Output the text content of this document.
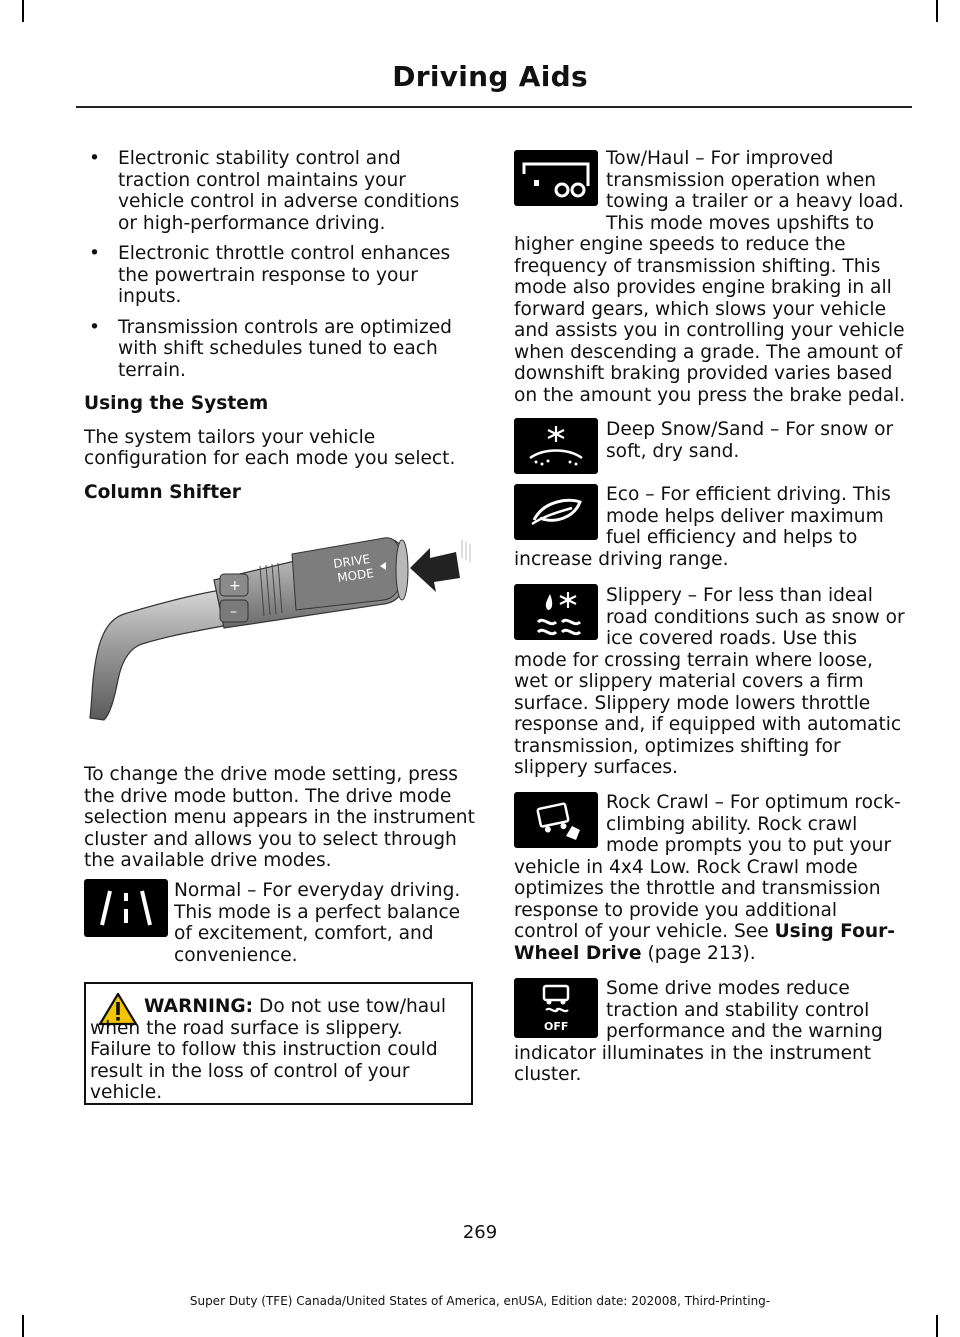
Driving Aids
• Electronic stability control and traction control maintains your vehicle control in adverse conditions or high-performance driving.
• Electronic throttle control enhances the powertrain response to your inputs.
• Transmission controls are optimized with shift schedules tuned to each terrain.

Using the System

The system tailors your vehicle configuration for each mode you select.

Column Shifter

+
–
DRIVE
MODE

To change the drive mode setting, press the drive mode button. The drive mode selection menu appears in the instrument cluster and allows you to select through the available drive modes.

Normal – For everyday driving. This mode is a perfect balance of excitement, comfort, and convenience.
WARNING: Do not use tow/haul when the road surface is slippery. Failure to follow this instruction could result in the loss of control of your vehicle.
Tow/Haul – For improved transmission operation when towing a trailer or a heavy load. This mode moves upshifts to higher engine speeds to reduce the frequency of transmission shifting. This mode also provides engine braking in all forward gears, which slows your vehicle and assists you in controlling your vehicle when descending a grade. The amount of downshift braking provided varies based on the amount you press the brake pedal.
Deep Snow/Sand – For snow or soft, dry sand.
Eco – For efficient driving. This mode helps deliver maximum fuel efficiency and helps to increase driving range.
Slippery – For less than ideal road conditions such as snow or ice covered roads. Use this mode for crossing terrain where loose, wet or slippery material covers a firm surface. Slippery mode lowers throttle response and, if equipped with automatic transmission, optimizes shifting for slippery surfaces.
Rock Crawl – For optimum rock-climbing ability. Rock crawl mode prompts you to put your vehicle in 4x4 Low. Rock Crawl mode optimizes the throttle and transmission response to provide you additional control of your vehicle. See Using Four-Wheel Drive (page 213).
OFF
Some drive modes reduce traction and stability control performance and the warning indicator illuminates in the instrument cluster.
269
Super Duty (TFE) Canada/United States of America, enUSA, Edition date: 202008, Third-Printing-
